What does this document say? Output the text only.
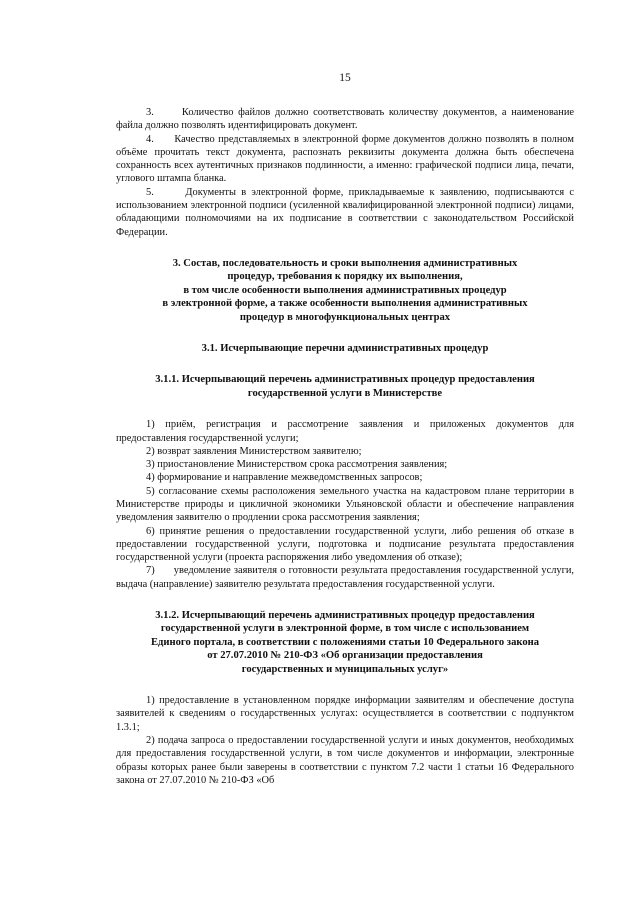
15

3.      Количество файлов должно соответствовать количеству документов, а наименование файла должно позволять идентифицировать документ.

4.      Качество представляемых в электронной форме документов должно позволять в полном объёме прочитать текст документа, распознать реквизиты документа должна быть обеспечена сохранность всех аутентичных признаков подлинности, а именно: графической подписи лица, печати, углового штампа бланка.

5.      Документы в электронной форме, прикладываемые к заявлению, подписываются с использованием электронной подписи (усиленной квалифицированной электронной подписи) лицами, обладающими полномочиями на их подписание в соответствии с законодательством Российской Федерации.

3. Состав, последовательность и сроки выполнения административных
процедур, требования к порядку их выполнения,
в том числе особенности выполнения административных процедур
в электронной форме, а также особенности выполнения административных
процедур в многофункциональных центрах
3.1. Исчерпывающие перечни административных процедур
3.1.1. Исчерпывающий перечень административных процедур предоставления
государственной услуги в Министерстве

1) приём, регистрация и рассмотрение заявления и приложеных документов для предоставления государственной услуги;

2) возврат заявления Министерством заявителю;

3) приостановление Министерством срока рассмотрения заявления;

4) формирование и направление межведомственных запросов;

5) согласование схемы расположения земельного участка на кадастровом плане территории в Министерстве природы и цикличной экономики Ульяновской области и обеспечение направления уведомления заявителю о продлении срока рассмотрения заявления;

6) принятие решения о предоставлении государственной услуги, либо решения об отказе в предоставлении государственной услуги, подготовка и подписание результата предоставления государственной услуги (проекта распоряжения либо уведомления об отказе);

7)      уведомление заявителя о готовности результата предоставления государственной услуги, выдача (направление) заявителю результата предоставления государственной услуги.

3.1.2. Исчерпывающий перечень административных процедур предоставления
государственной услуги в электронной форме, в том числе с использованием
Единого портала, в соответствии с положениями статьи 10 Федерального закона
от 27.07.2010 № 210-ФЗ «Об организации предоставления
государственных и муниципальных услуг»

1) предоставление в установленном порядке информации заявителям и обеспечение доступа заявителей к сведениям о государственных услугах: осуществляется в соответствии с подпунктом 1.3.1;

2) подача запроса о предоставлении государственной услуги и иных документов, необходимых для предоставления государственной услуги, в том числе документов и информации, электронные образы которых ранее были заверены в соответствии с пунктом 7.2 части 1 статьи 16 Федерального закона от 27.07.2010 № 210-ФЗ «Об
